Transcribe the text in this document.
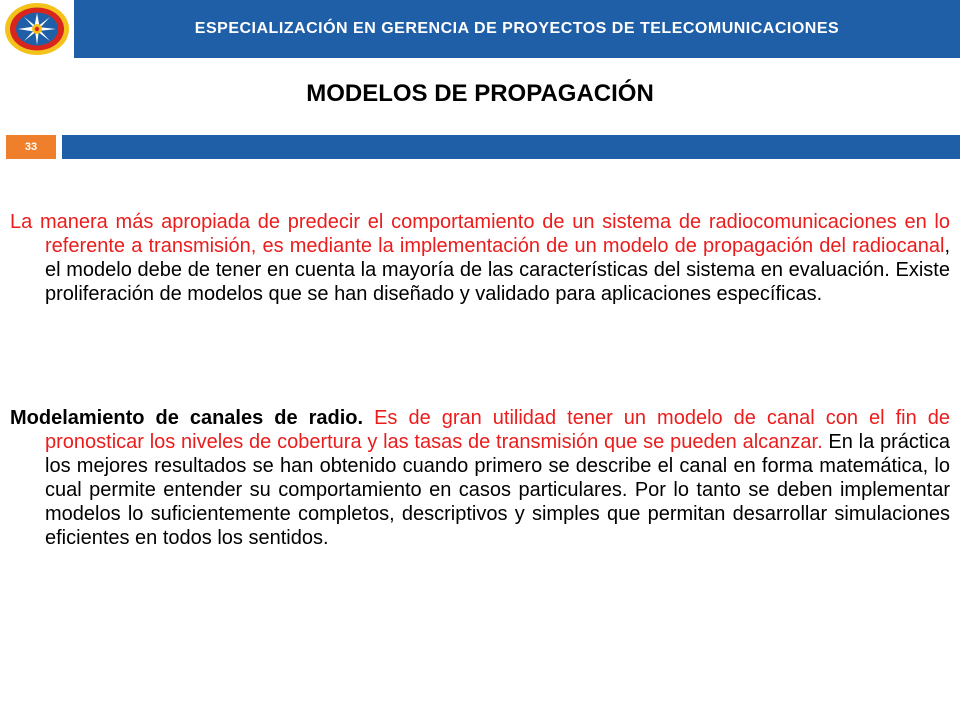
ESPECIALIZACIÓN EN GERENCIA DE PROYECTOS DE TELECOMUNICACIONES
MODELOS DE PROPAGACIÓN
33

La manera más apropiada de predecir el comportamiento de un sistema de radiocomunicaciones en lo referente a transmisión, es mediante la implementación de un modelo de propagación del radiocanal, el modelo debe de tener en cuenta la mayoría de las características del sistema en evaluación. Existe proliferación de modelos que se han diseñado y validado para aplicaciones específicas.

Modelamiento de canales de radio. Es de gran utilidad tener un modelo de canal con el fin de pronosticar los niveles de cobertura y las tasas de transmisión que se pueden alcanzar. En la práctica los mejores resultados se han obtenido cuando primero se describe el canal en forma matemática, lo cual permite entender su comportamiento en casos particulares. Por lo tanto se deben implementar modelos lo suficientemente completos, descriptivos y simples que permitan desarrollar simulaciones eficientes en todos los sentidos.
